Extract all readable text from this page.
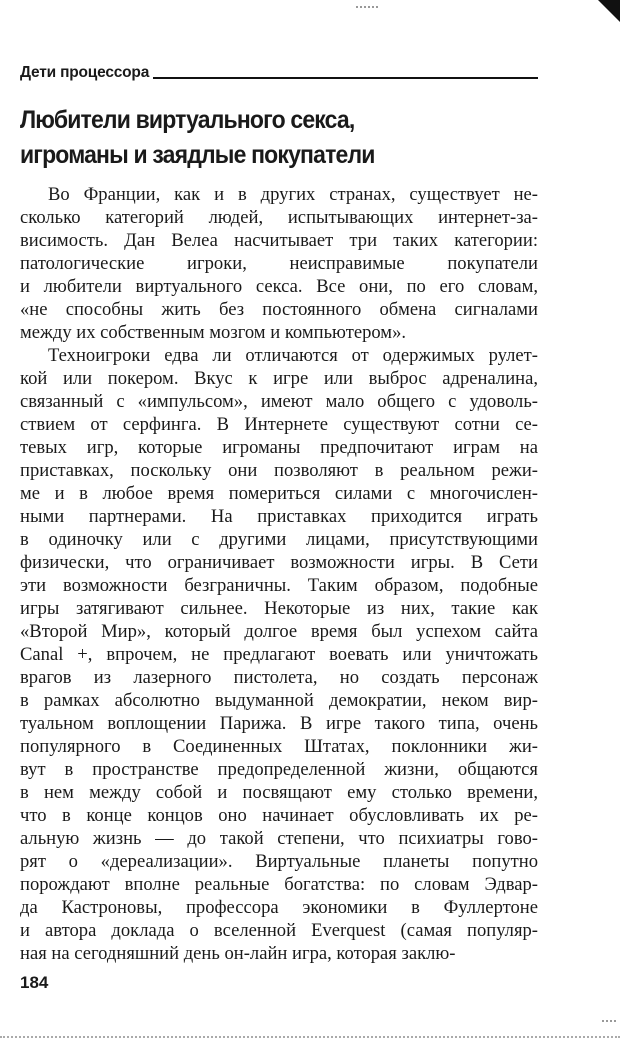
Дети процессора
Любители виртуального секса,
игроманы и заядлые покупатели
Во Франции, как и в других странах, существует не-
сколько категорий людей, испытывающих интернет-за-
висимость. Дан Велеа насчитывает три таких категории:
патологические игроки, неисправимые покупатели
и любители виртуального секса. Все они, по его словам,
«не способны жить без постоянного обмена сигналами
между их собственным мозгом и компьютером».
Техноигроки едва ли отличаются от одержимых рулет-
кой или покером. Вкус к игре или выброс адреналина,
связанный с «импульсом», имеют мало общего с удоволь-
ствием от серфинга. В Интернете существуют сотни се-
тевых игр, которые игроманы предпочитают играм на
приставках, поскольку они позволяют в реальном режи-
ме и в любое время помериться силами с многочислен-
ными партнерами. На приставках приходится играть
в одиночку или с другими лицами, присутствующими
физически, что ограничивает возможности игры. В Сети
эти возможности безграничны. Таким образом, подобные
игры затягивают сильнее. Некоторые из них, такие как
«Второй Мир», который долгое время был успехом сайта
Canal +, впрочем, не предлагают воевать или уничтожать
врагов из лазерного пистолета, но создать персонаж
в рамках абсолютно выдуманной демократии, неком вир-
туальном воплощении Парижа. В игре такого типа, очень
популярного в Соединенных Штатах, поклонники жи-
вут в пространстве предопределенной жизни, общаются
в нем между собой и посвящают ему столько времени,
что в конце концов оно начинает обусловливать их ре-
альную жизнь — до такой степени, что психиатры гово-
рят о «дереализации». Виртуальные планеты попутно
порождают вполне реальные богатства: по словам Эдвар-
да Кастроновы, профессора экономики в Фуллертоне
и автора доклада о вселенной Everquest (самая популяр-
ная на сегодняшний день он-лайн игра, которая заклю-
184
